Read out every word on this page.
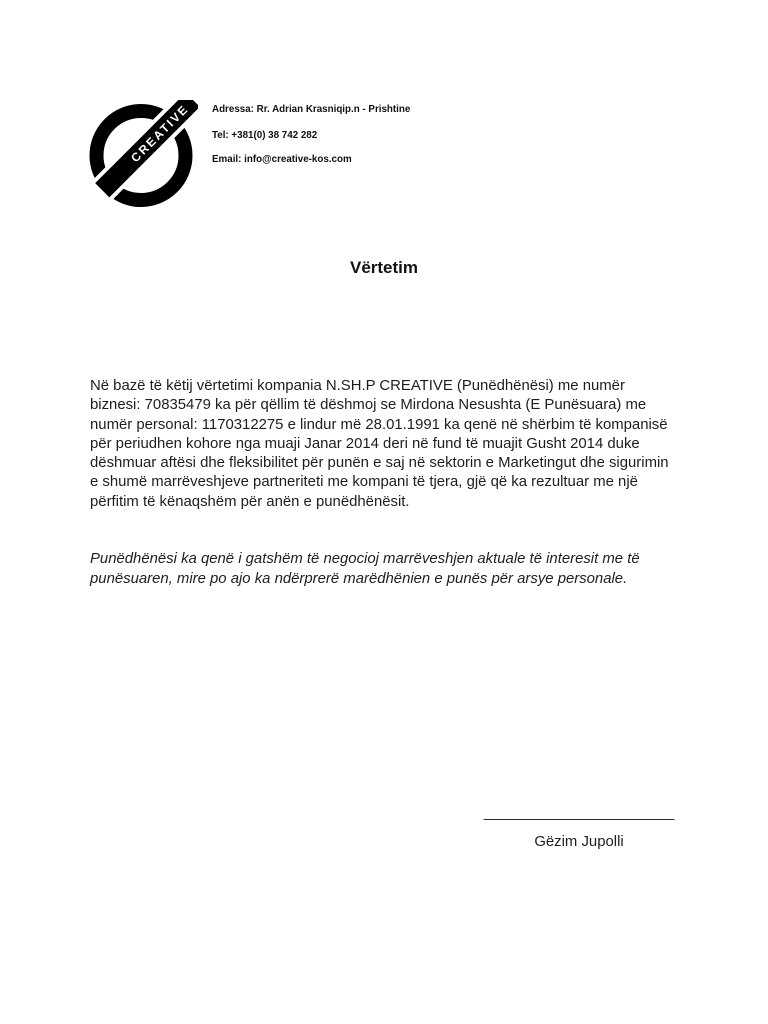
CREATIVE Adressa: Rr. Adrian Krasniqip.n - Prishtine
Tel: +381(0) 38 742 282
Email: info@creative-kos.com
Vërtetim
Në bazë të këtij vërtetimi kompania N.SH.P CREATIVE (Punëdhënësi) me numër
biznesi: 70835479 ka për qëllim të dëshmoj se Mirdona Nesushta (E Punësuara) me
numër personal: 1170312275 e lindur më 28.01.1991 ka qenë në shërbim të kompanisë
për periudhen kohore nga muaji Janar 2014 deri në fund të muajit Gusht 2014 duke
dëshmuar aftësi dhe fleksibilitet për punën e saj në sektorin e Marketingut dhe sigurimin
e shumë marrëveshjeve partneriteti me kompani të tjera, gjë që ka rezultuar me një
përfitim të kënaqshëm për anën e punëdhënësit.
Punëdhënësi ka qenë i gatshëm të negocioj marrëveshjen aktuale të interesit me të
punësuaren, mire po ajo ka ndërprerë marëdhënien e punës për arsye personale.
_______________________
Gëzim Jupolli
